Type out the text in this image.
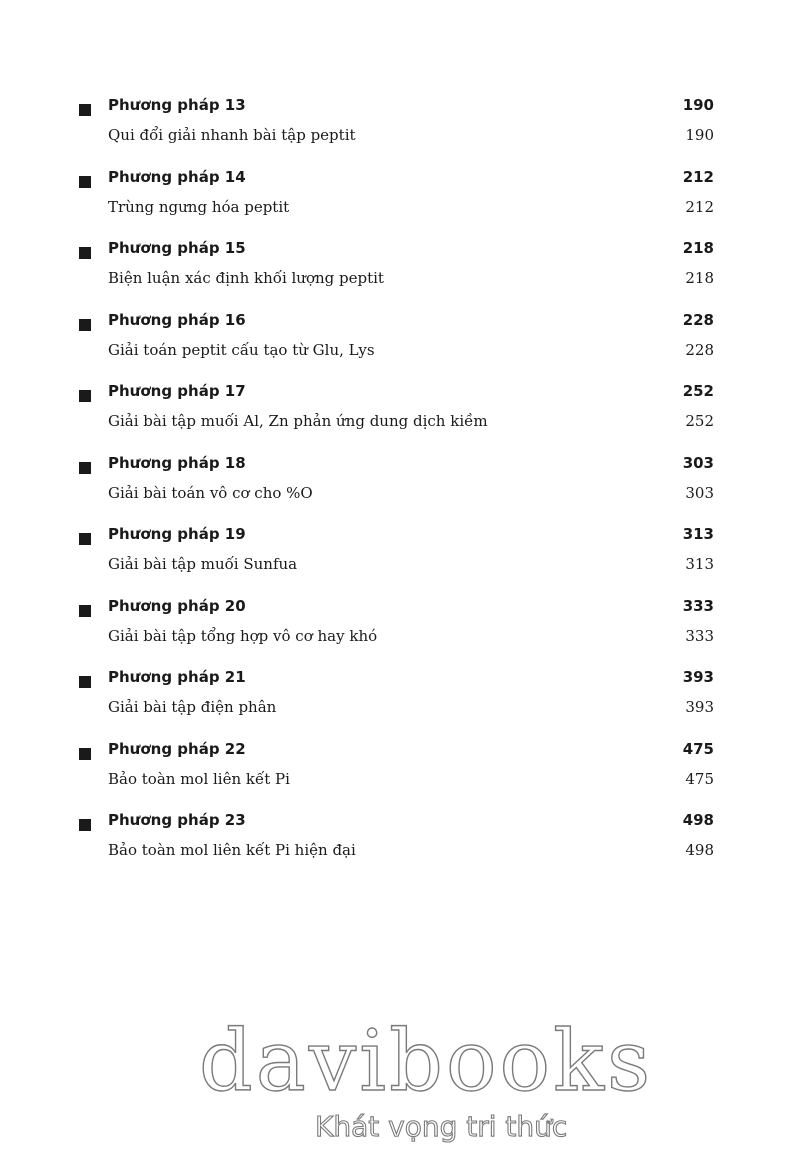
Phương pháp 13	190
Qui đổi giải nhanh bài tập peptit	190
Phương pháp 14	212
Trùng ngưng hóa peptit	212
Phương pháp 15	218
Biện luận xác định khối lượng peptit	218
Phương pháp 16	228
Giải toán peptit cấu tạo từ Glu, Lys	228
Phương pháp 17	252
Giải bài tập muối Al, Zn phản ứng dung dịch kiềm	252
Phương pháp 18	303
Giải bài toán vô cơ cho %O	303
Phương pháp 19	313
Giải bài tập muối Sunfua	313
Phương pháp 20	333
Giải bài tập tổng hợp vô cơ hay khó	333
Phương pháp 21	393
Giải bài tập điện phân	393
Phương pháp 22	475
Bảo toàn mol liên kết Pi	475
Phương pháp 23	498
Bảo toàn mol liên kết Pi hiện đại	498
davibooks
Khát vọng tri thức
